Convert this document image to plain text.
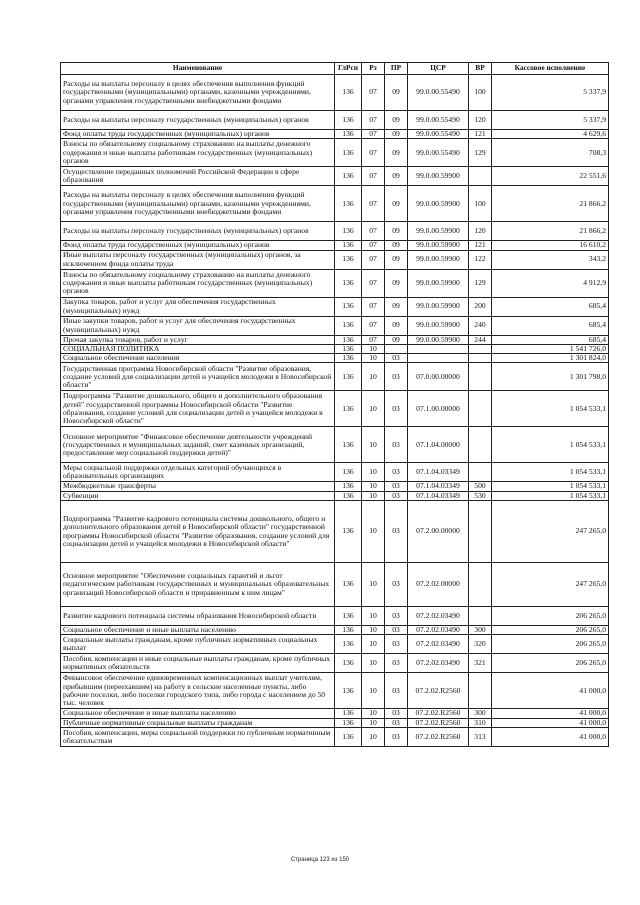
Наименование	ГлРсп	Рз	ПР	ЦСР	ВР	Кассовое исполнение
Расходы на выплаты персоналу в целях обеспечения выполнения функций государственными (муниципальными) органами, казенными учреждениями, органами управления государственными внебюджетными фондами	136	07	09	99.0.00.55490	100	5 337,9
Расходы на выплаты персоналу государственных (муниципальных) органов	136	07	09	99.0.00.55490	120	5 337,9
Фонд оплаты труда государственных (муниципальных) органов	136	07	09	99.0.00.55490	121	4 629,6
Взносы по обязательному социальному страхованию на выплаты денежного содержания и иные выплаты работникам государственных (муниципальных) органов	136	07	09	99.0.00.55490	129	708,3
Осуществление переданных полномочий Российской Федерации в сфере образования	136	07	09	99.0.00.59900		22 551,6
Расходы на выплаты персоналу в целях обеспечения выполнения функций государственными (муниципальными) органами, казенными учреждениями, органами управления государственными внебюджетными фондами	136	07	09	99.0.00.59900	100	21 866,2
Расходы на выплаты персоналу государственных (муниципальных) органов	136	07	09	99.0.00.59900	120	21 866,2
Фонд оплаты труда государственных (муниципальных) органов	136	07	09	99.0.00.59900	121	16 610,2
Иные выплаты персоналу государственных (муниципальных) органов, за исключением фонда оплаты труда	136	07	09	99.0.00.59900	122	343,2
Взносы по обязательному социальному страхованию на выплаты денежного содержания и иные выплаты работникам государственных (муниципальных) органов	136	07	09	99.0.00.59900	129	4 912,9
Закупка товаров, работ и услуг для обеспечения государственных (муниципальных) нужд	136	07	09	99.0.00.59900	200	685,4
Иные закупки товаров, работ и услуг для обеспечения государственных (муниципальных) нужд	136	07	09	99.0.00.59900	240	685,4
Прочая закупка товаров, работ и услуг	136	07	09	99.0.00.59900	244	685,4
СОЦИАЛЬНАЯ ПОЛИТИКА	136	10				1 541 726,0
Социальное обеспечение населения	136	10	03			1 301 824,0
Государственная программа Новосибирской области "Развитие образования, создание условий для социализации детей и учащейся молодежи в Новосибирской области"	136	10	03	07.0.00.00000		1 301 798,0
Подпрограмма "Развитие дошкольного, общего и дополнительного образования детей" государственной программы Новосибирской области "Развитие образования, создание условий для социализации детей и учащейся молодежи в Новосибирской области"	136	10	03	07.1.00.00000		1 054 533,1
Основное мероприятие "Финансовое обеспечение деятельности учреждений (государственных и муниципальных заданий, смет казенных организаций, предоставление мер социальной поддержки детей)"	136	10	03	07.1.04.00000		1 054 533,1
Меры социальной поддержки отдельных категорий обучающихся в образовательных организациях	136	10	03	07.1.04.03349		1 054 533,1
Межбюджетные трансферты	136	10	03	07.1.04.03349	500	1 054 533,1
Субвенции	136	10	03	07.1.04.03349	530	1 054 533,1
Подпрограмма "Развитие кадрового потенциала системы дошкольного, общего и дополнительного образования детей в Новосибирской области" государственной программы Новосибирской области "Развитие образования, создание условий для социализации детей и учащейся молодежи в Новосибирской области"	136	10	03	07.2.00.00000		247 265,0
Основное мероприятие "Обеспечение социальных гарантий и льгот педагогическим работникам государственных и муниципальных образовательных организаций Новосибирской области и приравненным к ним лицам"	136	10	03	07.2.02.00000		247 265,0
Развитие кадрового потенциала системы образования Новосибирской области	136	10	03	07.2.02.03490		206 265,0
Социальное обеспечение и иные выплаты населению	136	10	03	07.2.02.03490	300	206 265,0
Социальные выплаты гражданам, кроме публичных нормативных социальных выплат	136	10	03	07.2.02.03490	320	206 265,0
Пособия, компенсации и иные социальные выплаты гражданам, кроме публичных нормативных обязательств	136	10	03	07.2.02.03490	321	206 265,0
Финансовое обеспечение единовременных компенсационных выплат учителям, прибывшим (переехавшим) на работу в сельские населенные пункты, либо рабочие поселки, либо поселки городского типа, либо города с населением до 50 тыс. человек	136	10	03	07.2.02.R2560		41 000,0
Социальное обеспечение и иные выплаты населению	136	10	03	07.2.02.R2560	300	41 000,0
Публичные нормативные социальные выплаты гражданам	136	10	03	07.2.02.R2560	310	41 000,0
Пособия, компенсации, меры социальной поддержки по публичным нормативным обязательствам	136	10	03	07.2.02.R2560	313	41 000,0
Страница 123 из 150
